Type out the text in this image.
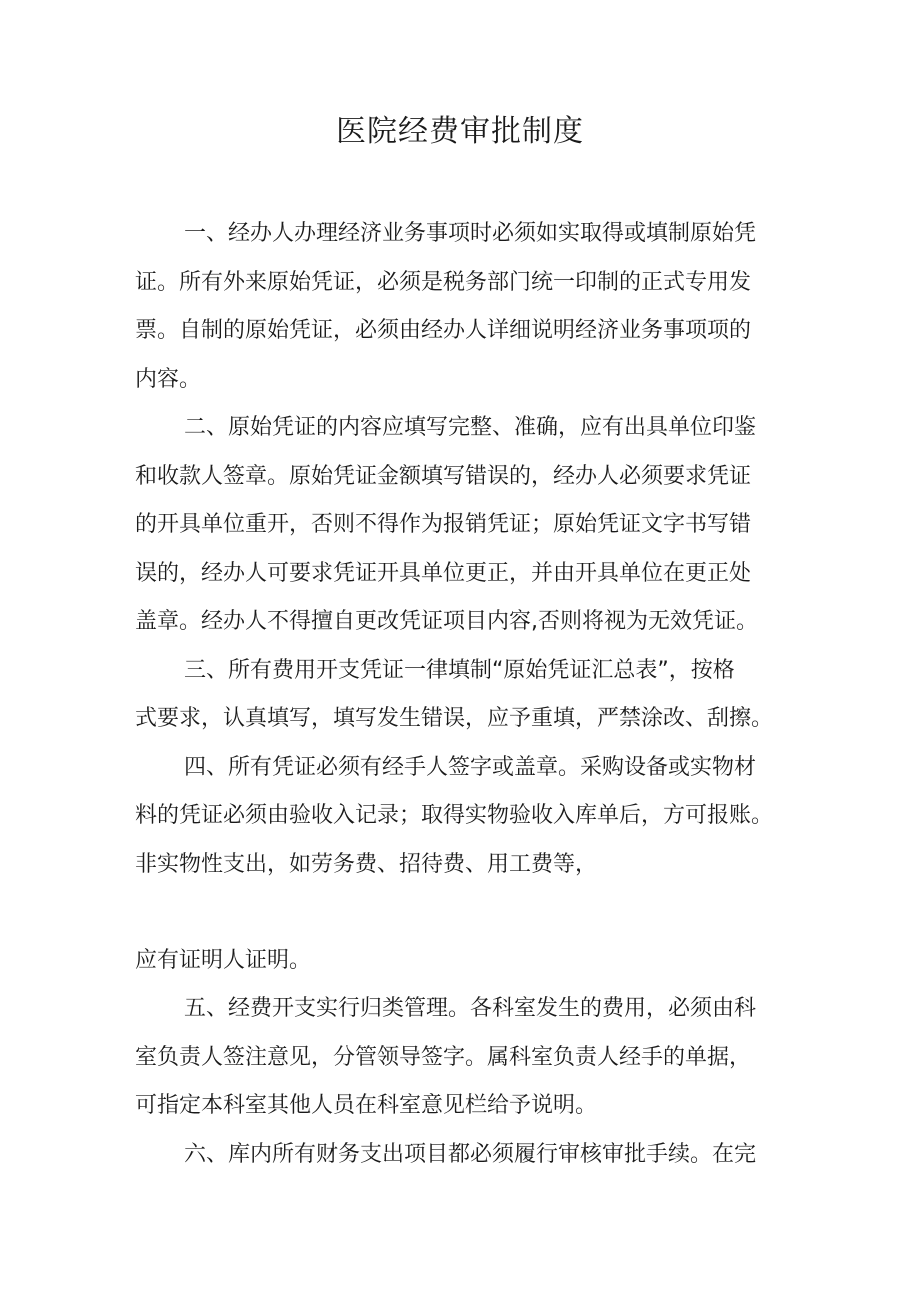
医院经费审批制度

一、经办人办理经济业务事项时必须如实取得或填制原始凭

证。所有外来原始凭证，必须是税务部门统一印制的正式专用发

票。自制的原始凭证，必须由经办人详细说明经济业务事项项的

内容。

二、原始凭证的内容应填写完整、准确，应有出具单位印鉴

和收款人签章。原始凭证金额填写错误的，经办人必须要求凭证

的开具单位重开，否则不得作为报销凭证；原始凭证文字书写错

误的，经办人可要求凭证开具单位更正，并由开具单位在更正处

盖章。经办人不得擅自更改凭证项目内容,否则将视为无效凭证。

三、所有费用开支凭证一律填制“原始凭证汇总表”，按格

式要求，认真填写，填写发生错误，应予重填，严禁涂改、刮擦。

四、所有凭证必须有经手人签字或盖章。采购设备或实物材

料的凭证必须由验收入记录；取得实物验收入库单后，方可报账。

非实物性支出，如劳务费、招待费、用工费等，

应有证明人证明。

五、经费开支实行归类管理。各科室发生的费用，必须由科

室负责人签注意见，分管领导签字。属科室负责人经手的单据，

可指定本科室其他人员在科室意见栏给予说明。

六、库内所有财务支出项目都必须履行审核审批手续。在完
